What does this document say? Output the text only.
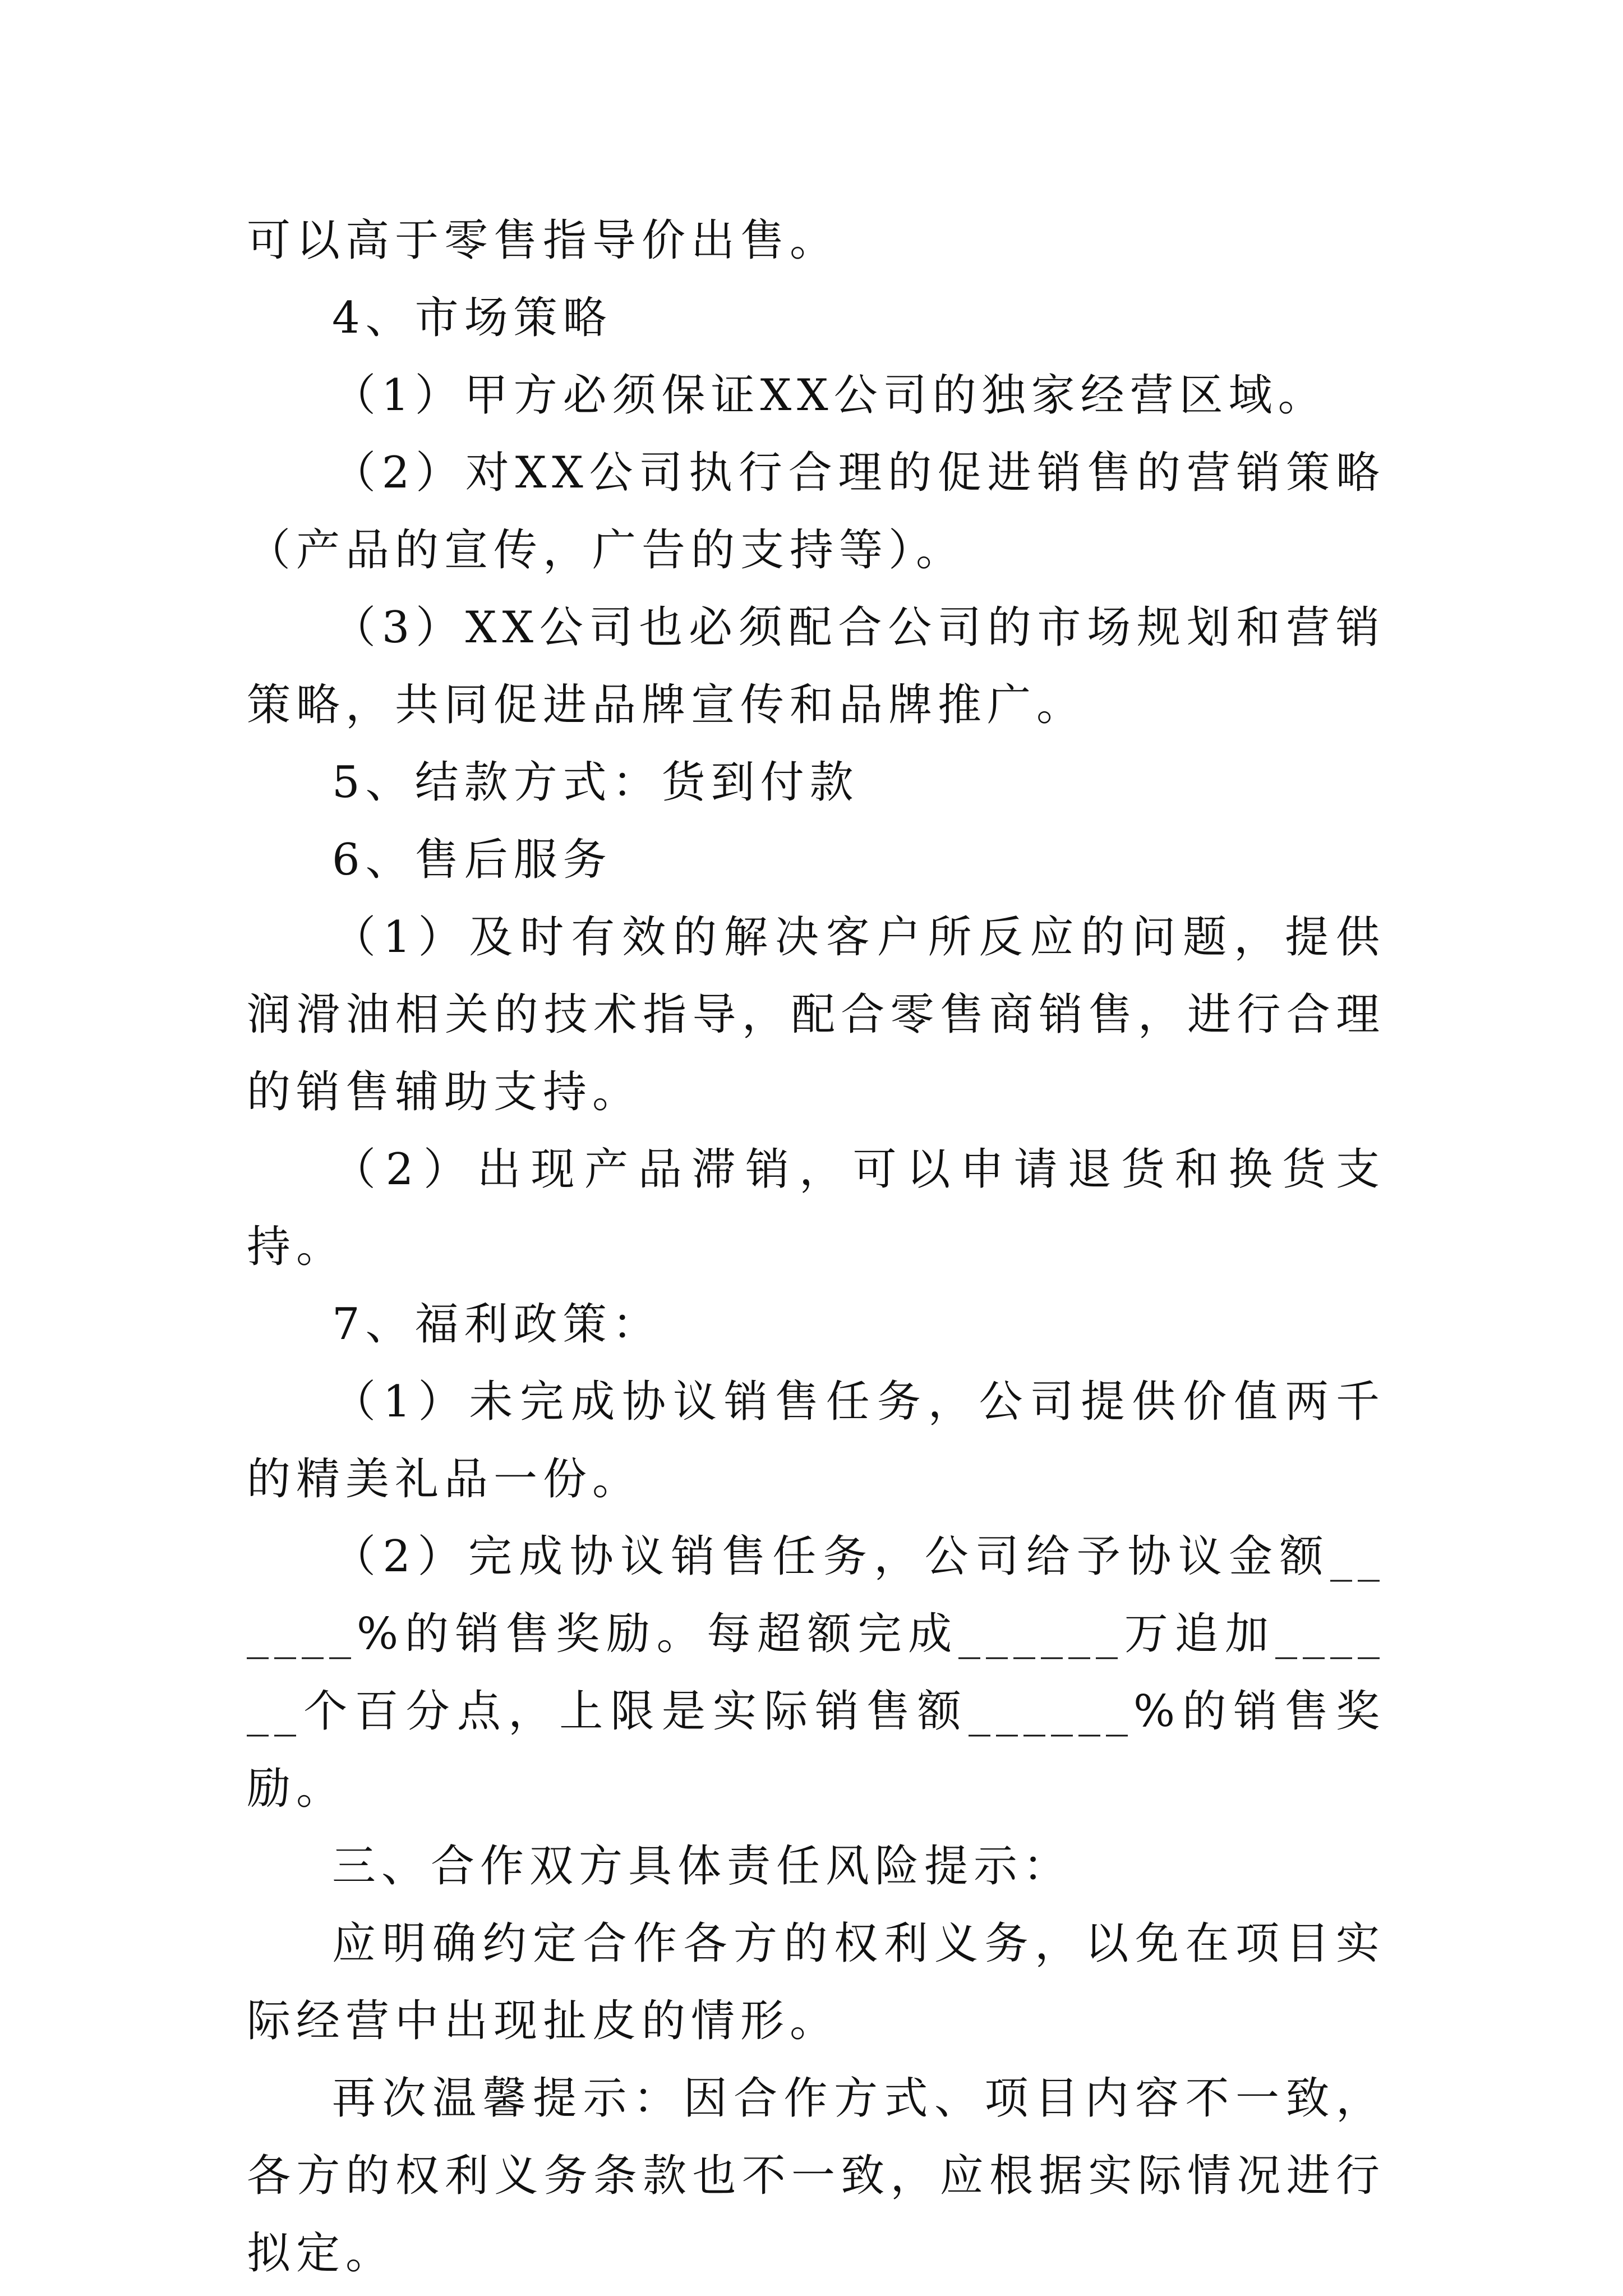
可以高于零售指导价出售。

4、市场策略

（1）甲方必须保证XX公司的独家经营区域。

（2）对XX公司执行合理的促进销售的营销策略（产品的宣传，广告的支持等）。

（3）XX公司也必须配合公司的市场规划和营销策略，共同促进品牌宣传和品牌推广。

5、结款方式：货到付款

6、售后服务

（1）及时有效的解决客户所反应的问题，提供润滑油相关的技术指导，配合零售商销售，进行合理的销售辅助支持。

（2）出现产品滞销，可以申请退货和换货支持。

7、福利政策：

（1）未完成协议销售任务，公司提供价值两千的精美礼品一份。

（2）完成协议销售任务，公司给予协议金额______%的销售奖励。每超额完成______万追加______个百分点，上限是实际销售额______%的销售奖励。

三、合作双方具体责任风险提示：

应明确约定合作各方的权利义务，以免在项目实际经营中出现扯皮的情形。

再次温馨提示：因合作方式、项目内容不一致，各方的权利义务条款也不一致，应根据实际情况进行拟定。
